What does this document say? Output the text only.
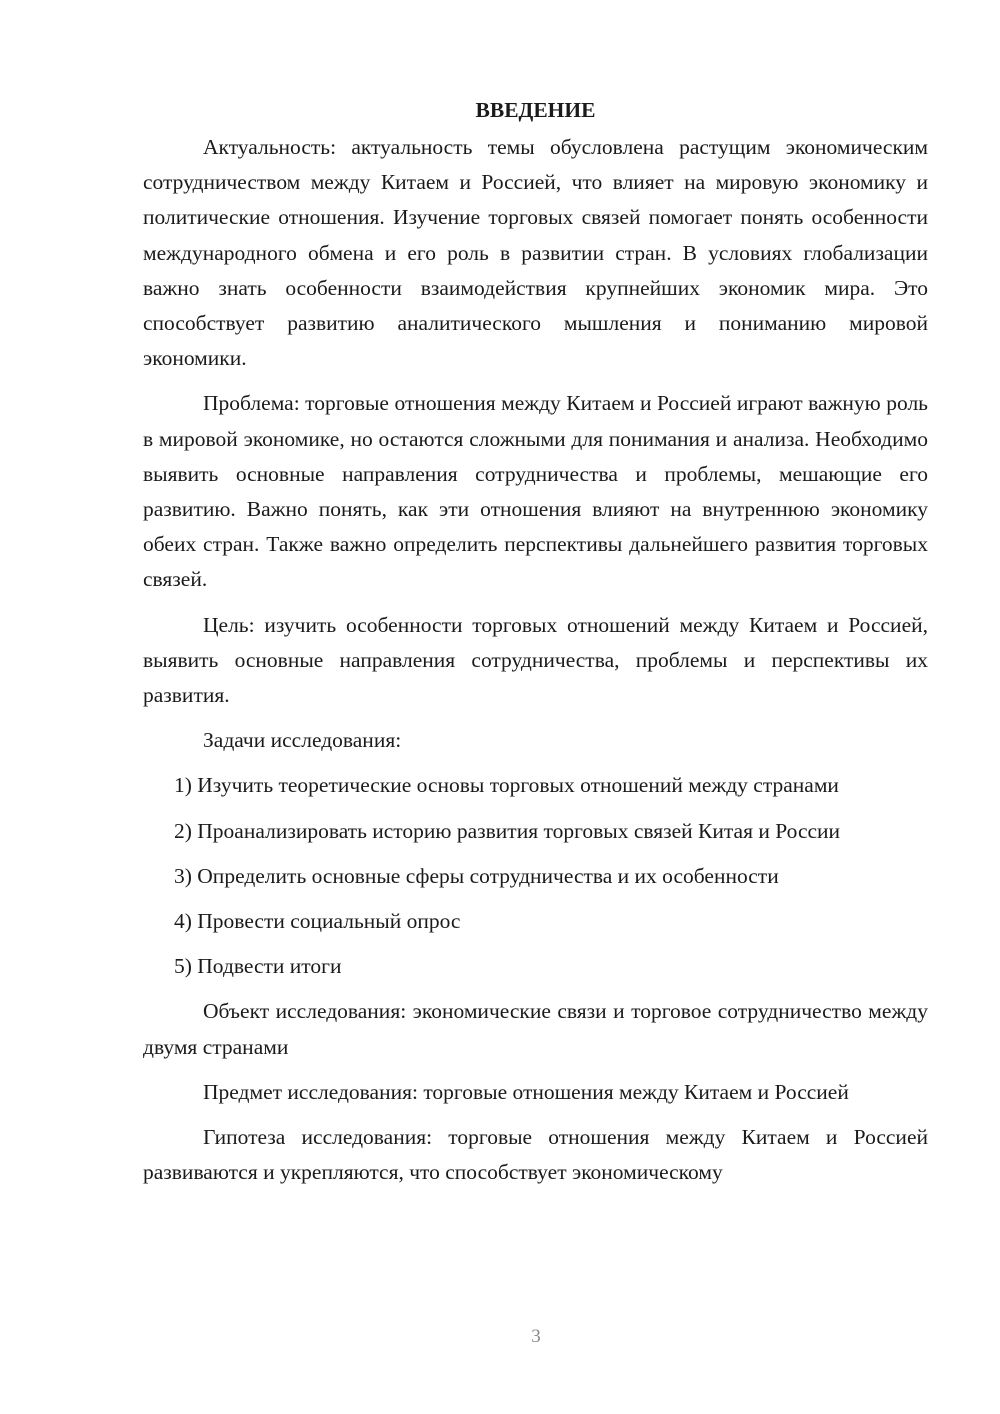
ВВЕДЕНИЕ

Актуальность: актуальность темы обусловлена растущим экономическим сотрудничеством между Китаем и Россией, что влияет на мировую экономику и политические отношения. Изучение торговых связей помогает понять особенности международного обмена и его роль в развитии стран. В условиях глобализации важно знать особенности взаимодействия крупнейших экономик мира. Это способствует развитию аналитического мышления и пониманию мировой экономики.

Проблема: торговые отношения между Китаем и Россией играют важную роль в мировой экономике, но остаются сложными для понимания и анализа. Необходимо выявить основные направления сотрудничества и проблемы, мешающие его развитию. Важно понять, как эти отношения влияют на внутреннюю экономику обеих стран. Также важно определить перспективы дальнейшего развития торговых связей.

Цель: изучить особенности торговых отношений между Китаем и Россией, выявить основные направления сотрудничества, проблемы и перспективы их развития.

Задачи исследования:

1) Изучить теоретические основы торговых отношений между странами

2) Проанализировать историю развития торговых связей Китая и России

3) Определить основные сферы сотрудничества и их особенности

4) Провести социальный опрос

5) Подвести итоги

Объект исследования: экономические связи и торговое сотрудничество между двумя странами

Предмет исследования: торговые отношения между Китаем и Россией

Гипотеза исследования: торговые отношения между Китаем и Россией развиваются и укрепляются, что способствует экономическому

3
